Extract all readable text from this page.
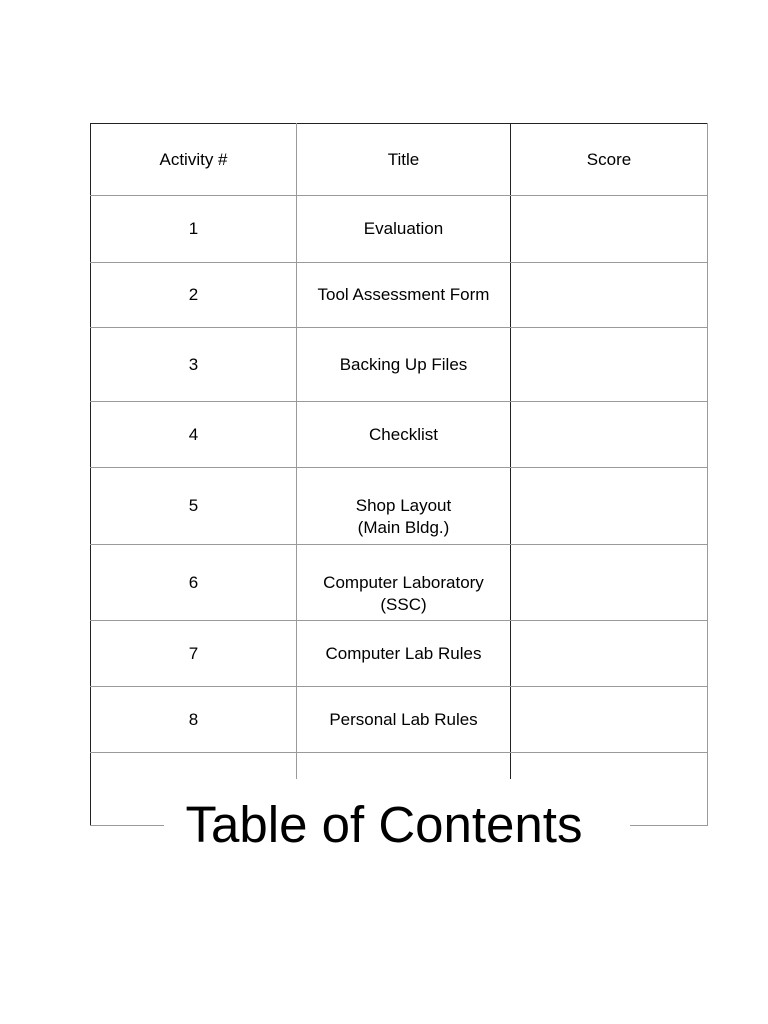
Activity #	Title	Score
1	Evaluation
2	Tool Assessment Form
3	Backing Up Files
4	Checklist
5	Shop Layout (Main Bldg.)
6	Computer Laboratory (SSC)
7	Computer Lab Rules
8	Personal Lab Rules
Table of Contents
